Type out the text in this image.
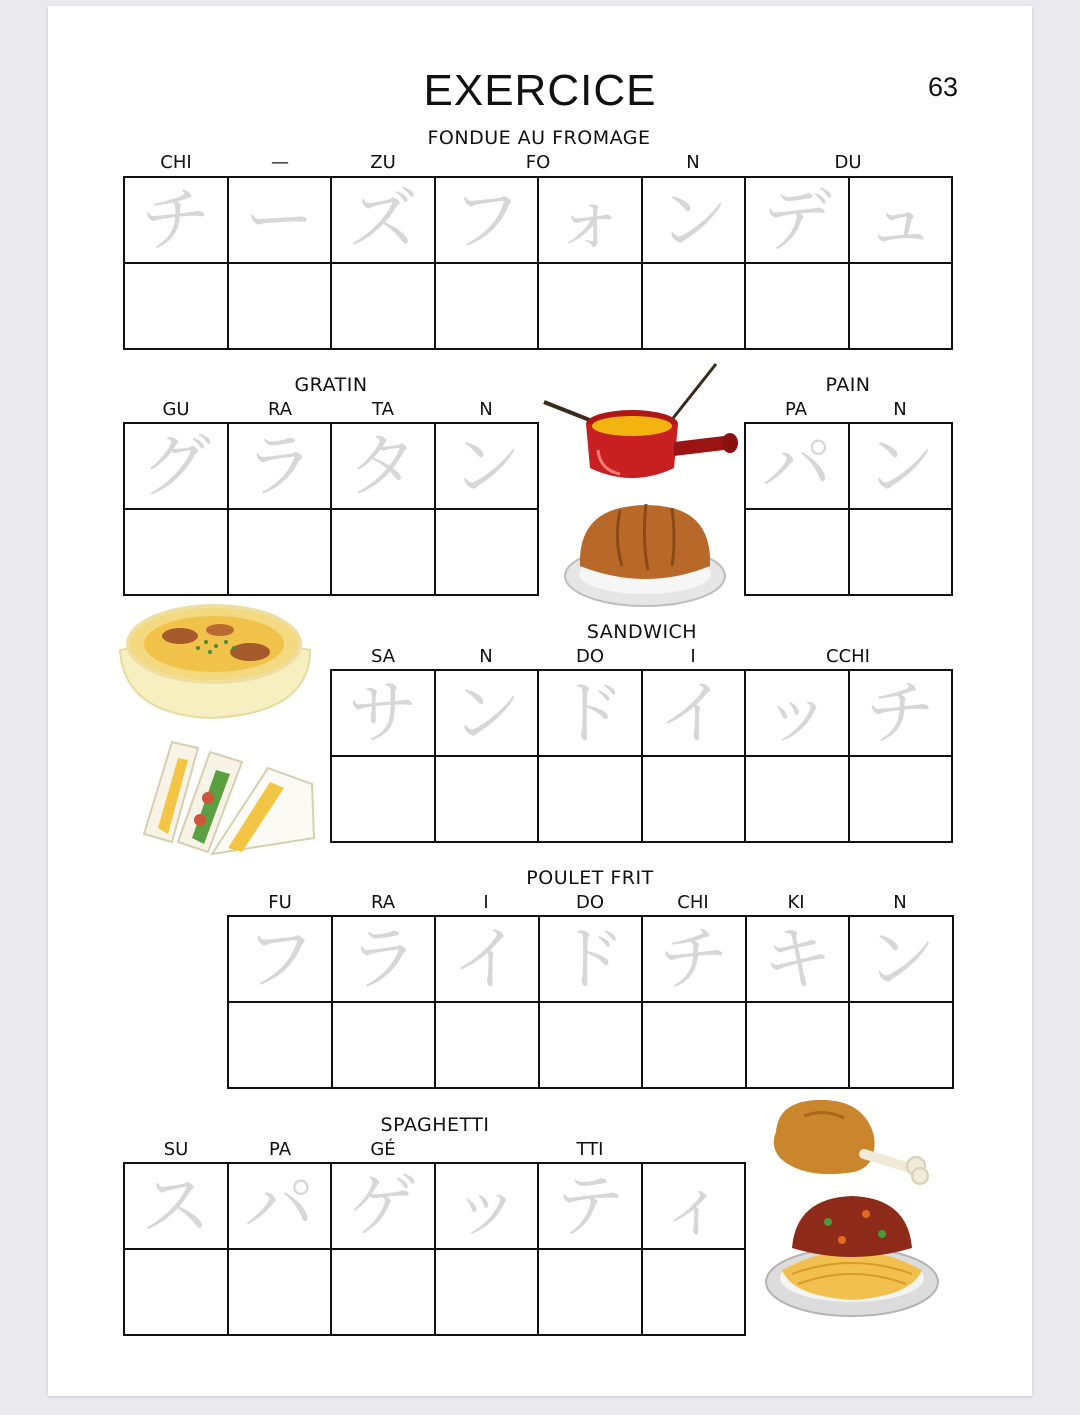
EXERCICE	63
FONDUE AU FROMAGE
CHI	—	ZU	FO	N	DU
チ ー ズ フ ォ ン デ ュ
GRATIN
GU	RA	TA	N
グ ラ タ ン
PAIN
PA	N
パ ン
SANDWICH
SA	N	DO	I	CCHI
サ ン ド イ ッ チ
POULET FRIT
FU	RA	I	DO	CHI	KI	N
フ ラ イ ド チ キ ン
SPAGHETTI
SU	PA	GÉ	TTI
ス パ ゲ ッ テ ィ
